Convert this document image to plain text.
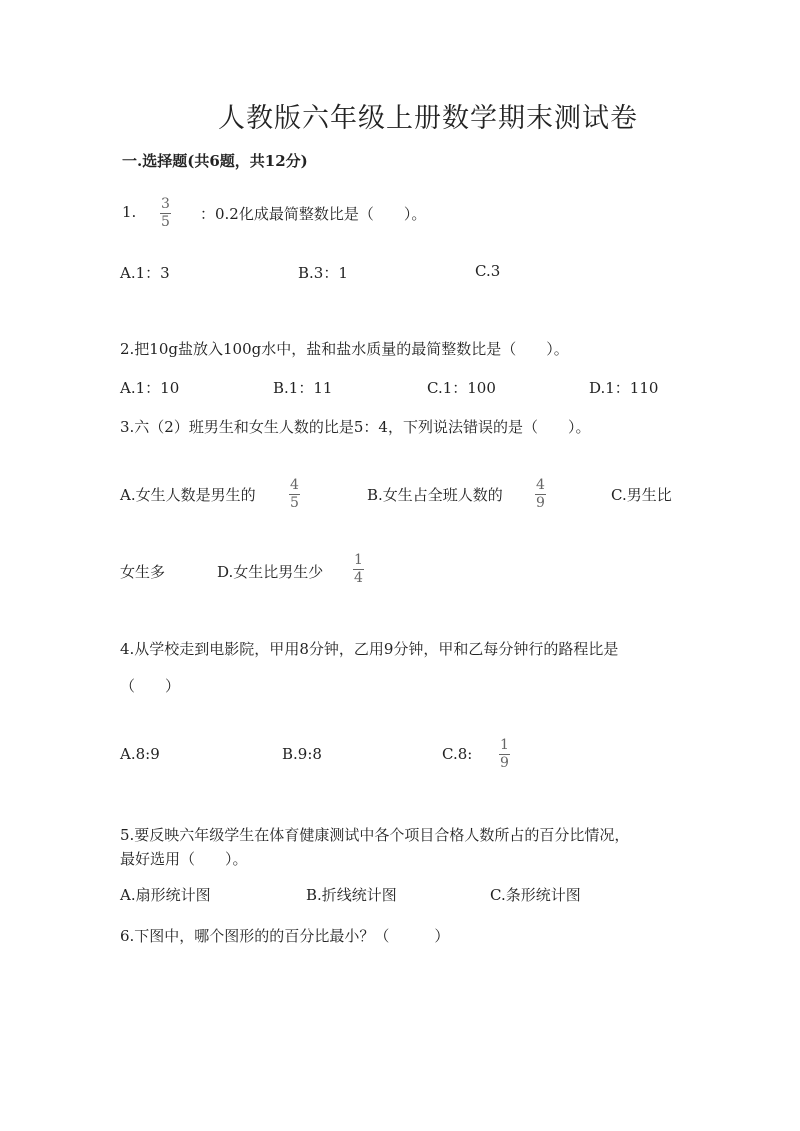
人教版六年级上册数学期末测试卷
一.选择题(共6题，共12分)
1. 3
5 ：0.2化成最简整数比是（　　）。
A.1：3	B.3：1	C.3
2.把10g盐放入100g水中，盐和盐水质量的最简整数比是（　　）。
A.1：10	B.1：11	C.1：100	D.1：110
3.六（2）班男生和女生人数的比是5：4，下列说法错误的是（　　）。
A.女生人数是男生的
4
5	B.女生占全班人数的
4
9	C.男生比
女生多	D.女生比男生少
1
4
4.从学校走到电影院，甲用8分钟，乙用9分钟，甲和乙每分钟行的路程比是
（　　）
A.8:9	B.9:8	C.8: 1
9
5.要反映六年级学生在体育健康测试中各个项目合格人数所占的百分比情况，
最好选用（　　）。
A.扇形统计图	B.折线统计图	C.条形统计图
6.下图中，哪个图形的的百分比最小？（　　　）
